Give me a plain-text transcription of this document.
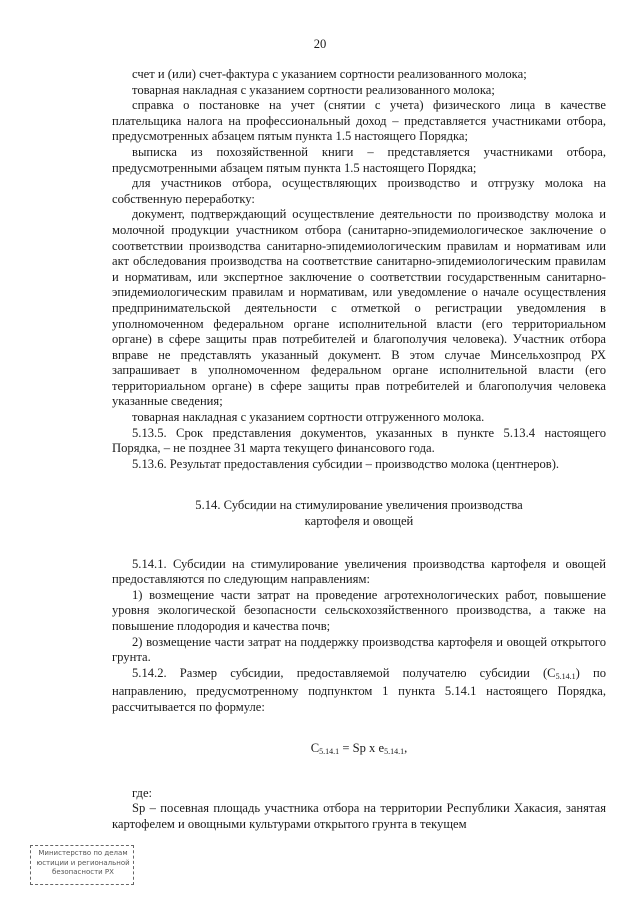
20

счет и (или) счет-фактура с указанием сортности реализованного молока;

товарная накладная с указанием сортности реализованного молока;

справка о постановке на учет (снятии с учета) физического лица в качестве плательщика налога на профессиональный доход – представляется участниками отбора, предусмотренных абзацем пятым пункта 1.5 настоящего Порядка;

выписка из похозяйственной книги – представляется участниками отбора, предусмотренными абзацем пятым пункта 1.5 настоящего Порядка;

для участников отбора, осуществляющих производство и отгрузку молока на собственную переработку:

документ, подтверждающий осуществление деятельности по производству молока и молочной продукции участником отбора (санитарно-эпидемиологическое заключение о соответствии производства санитарно-эпидемиологическим правилам и нормативам или акт обследования производства на соответствие санитарно-эпидемиологическим правилам и нормативам, или экспертное заключение о соответствии государственным санитарно-эпидемиологическим правилам и нормативам, или уведомление о начале осуществления предпринимательской деятельности с отметкой о регистрации уведомления в уполномоченном федеральном органе исполнительной власти (его территориальном органе) в сфере защиты прав потребителей и благополучия человека). Участник отбора вправе не представлять указанный документ. В этом случае Минсельхозпрод РХ запрашивает в уполномоченном федеральном органе исполнительной власти (его территориальном органе) в сфере защиты прав потребителей и благополучия человека указанные сведения;

товарная накладная с указанием сортности отгруженного молока.

5.13.5. Срок представления документов, указанных в пункте 5.13.4 настоящего Порядка, – не позднее 31 марта текущего финансового года.

5.13.6. Результат предоставления субсидии – производство молока (центнеров).

5.14. Субсидии на стимулирование увеличения производства
картофеля и овощей

5.14.1. Субсидии на стимулирование увеличения производства картофеля и овощей предоставляются по следующим направлениям:

1) возмещение части затрат на проведение агротехнологических работ, повышение уровня экологической безопасности сельскохозяйственного производства, а также на повышение плодородия и качества почв;

2) возмещение части затрат на поддержку производства картофеля и овощей открытого грунта.

5.14.2. Размер субсидии, предоставляемой получателю субсидии (С5.14.1) по направлению, предусмотренному подпунктом 1 пункта 5.14.1 настоящего Порядка, рассчитывается по формуле:

$C_{5.14.1} = Sp$ x $e_{5.14.1}$,

где:

Sp – посевная площадь участника отбора на территории Республики Хакасия, занятая картофелем и овощными культурами открытого грунта в текущем

Министерство по делам
юстиции и региональной
безопасности РХ
